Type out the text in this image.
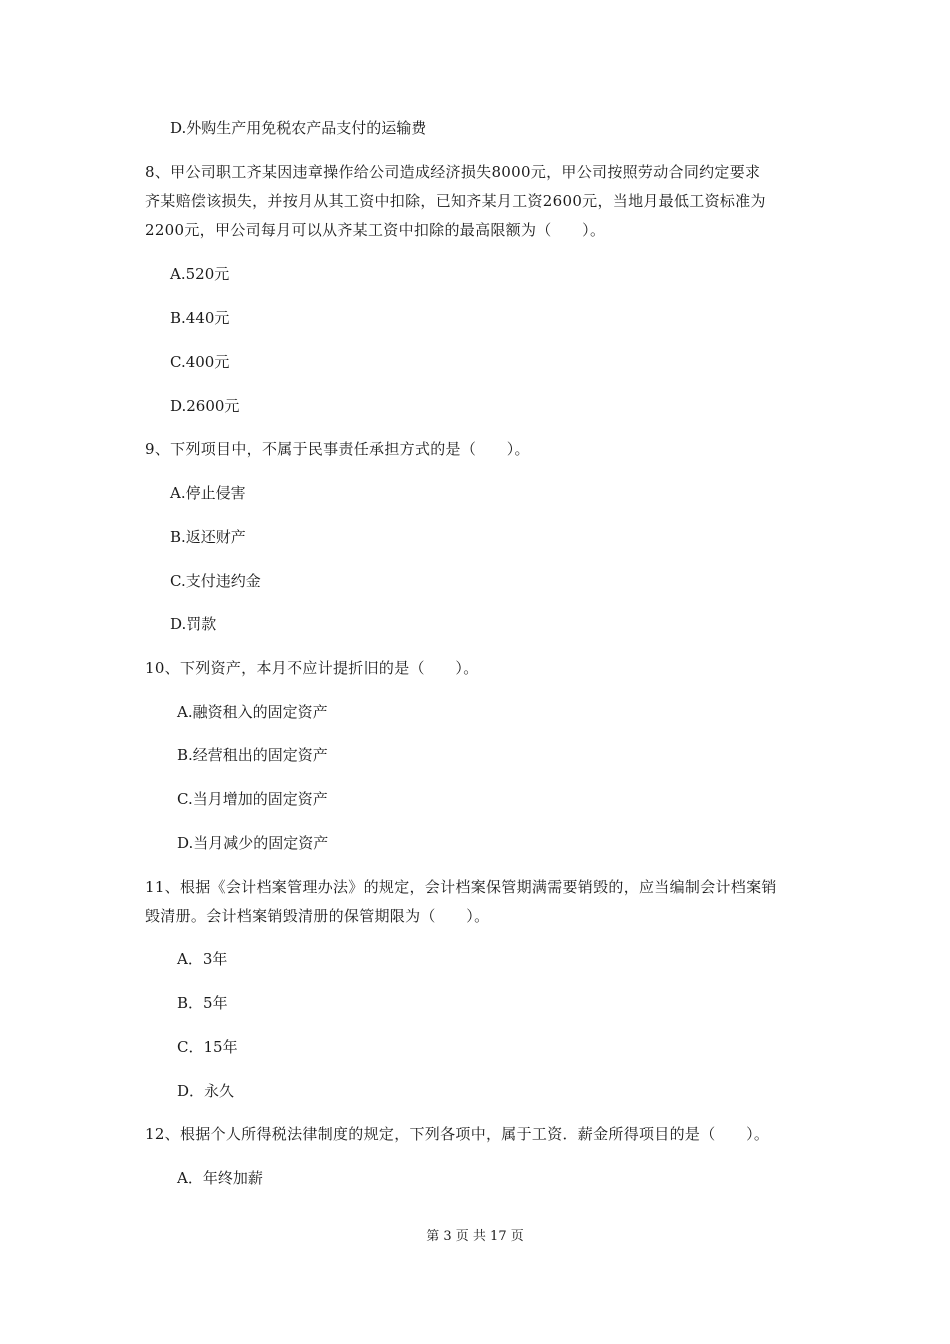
D.外购生产用免税农产品支付的运输费
8、甲公司职工齐某因违章操作给公司造成经济损失8000元，甲公司按照劳动合同约定要求
齐某赔偿该损失，并按月从其工资中扣除，已知齐某月工资2600元，当地月最低工资标准为
2200元，甲公司每月可以从齐某工资中扣除的最高限额为（　　）。
A.520元
B.440元
C.400元
D.2600元
9、下列项目中，不属于民事责任承担方式的是（　　）。
A.停止侵害
B.返还财产
C.支付违约金
D.罚款
10、下列资产，本月不应计提折旧的是（　　）。
A.融资租入的固定资产
B.经营租出的固定资产
C.当月增加的固定资产
D.当月减少的固定资产
11、根据《会计档案管理办法》的规定，会计档案保管期满需要销毁的，应当编制会计档案销
毁清册。会计档案销毁清册的保管期限为（　　）。
A．3年
B．5年
C．15年
D．永久
12、根据个人所得税法律制度的规定，下列各项中，属于工资．薪金所得项目的是（　　）。
A．年终加薪
第 3 页 共 17 页
